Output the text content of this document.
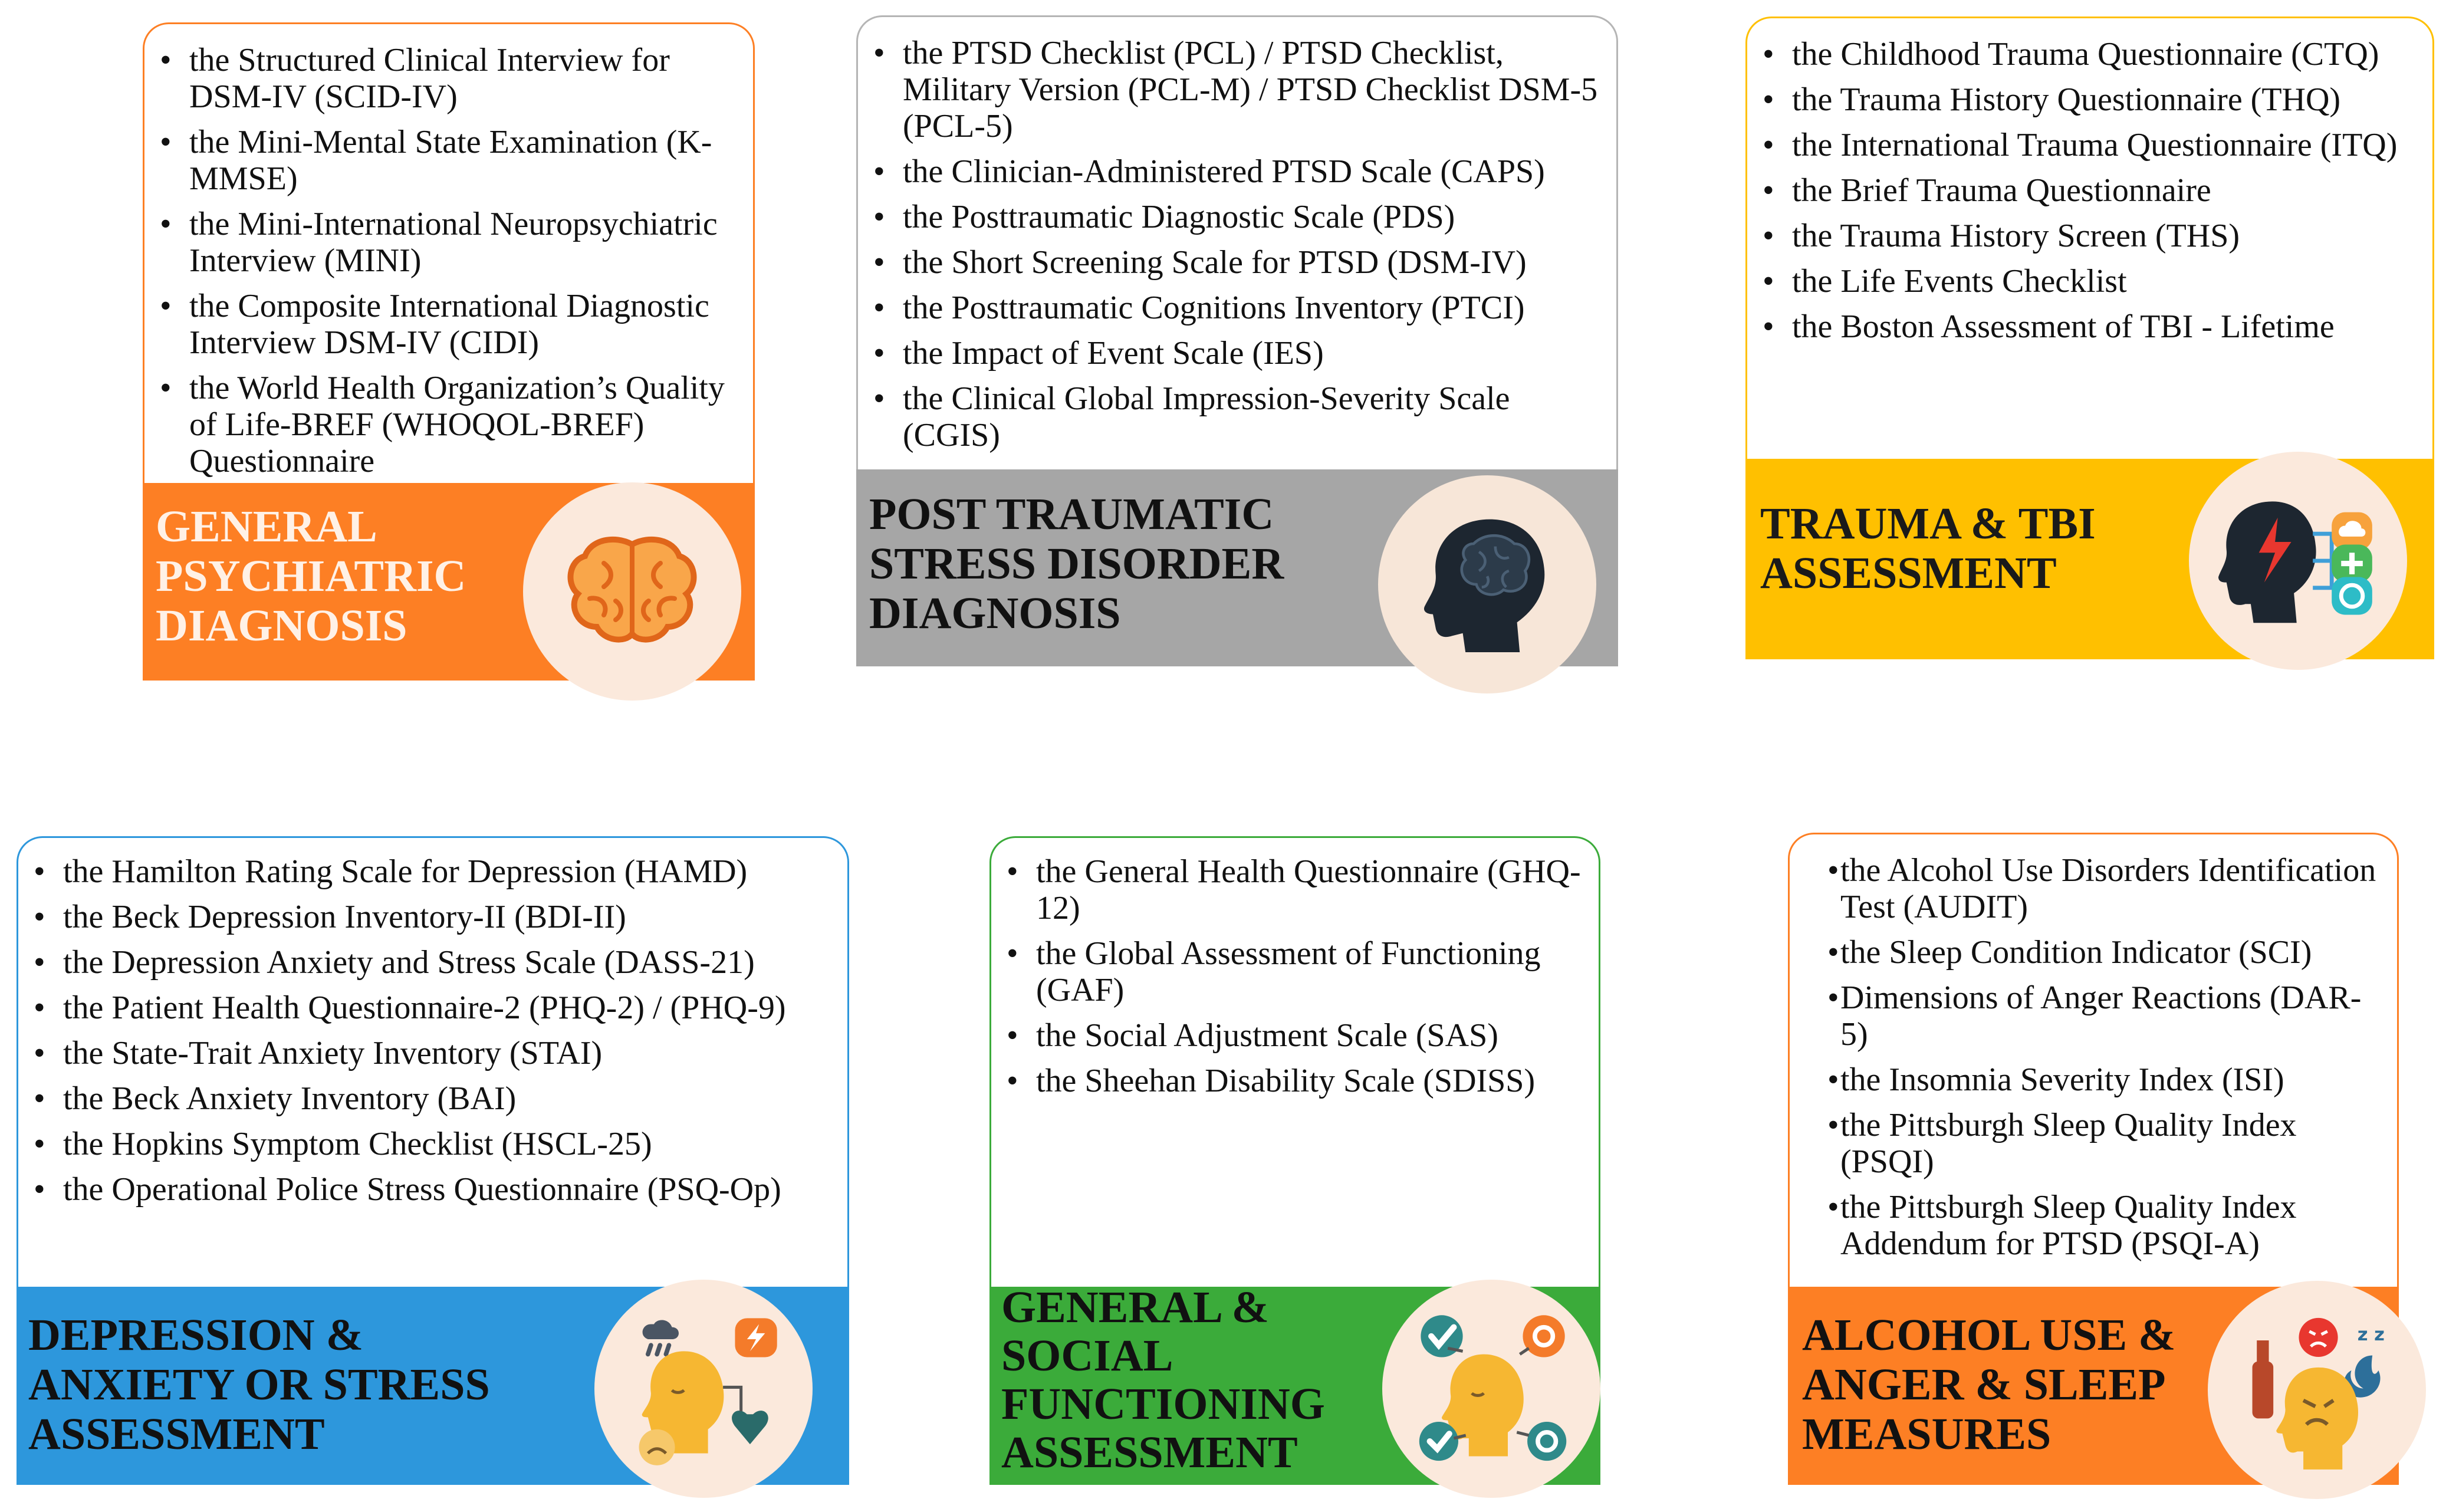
• the Structured Clinical Interview for DSM-IV (SCID-IV)
• the Mini-Mental State Examination (K-MMSE)
• the Mini-International Neuropsychiatric Interview (MINI)
• the Composite International Diagnostic Interview DSM-IV (CIDI)
• the World Health Organization’s Quality of Life-BREF (WHOQOL-BREF) Questionnaire
GENERAL
PSYCHIATRIC
DIAGNOSIS
• the PTSD Checklist (PCL) / PTSD Checklist, Military Version (PCL-M) / PTSD Checklist DSM-5 (PCL-5)
• the Clinician-Administered PTSD Scale (CAPS)
• the Posttraumatic Diagnostic Scale (PDS)
• the Short Screening Scale for PTSD (DSM-IV)
• the Posttraumatic Cognitions Inventory (PTCI)
• the Impact of Event Scale (IES)
• the Clinical Global Impression-Severity Scale (CGIS)
POST TRAUMATIC
STRESS DISORDER
DIAGNOSIS
• the Childhood Trauma Questionnaire (CTQ)
• the Trauma History Questionnaire (THQ)
• the International Trauma Questionnaire (ITQ)
• the Brief Trauma Questionnaire
• the Trauma History Screen (THS)
• the Life Events Checklist
• the Boston Assessment of TBI - Lifetime
TRAUMA & TBI
ASSESSMENT
• the Hamilton Rating Scale for Depression (HAMD)
• the Beck Depression Inventory-II (BDI-II)
• the Depression Anxiety and Stress Scale (DASS-21)
• the Patient Health Questionnaire-2 (PHQ-2) / (PHQ-9)
• the State-Trait Anxiety Inventory (STAI)
• the Beck Anxiety Inventory (BAI)
• the Hopkins Symptom Checklist (HSCL-25)
• the Operational Police Stress Questionnaire (PSQ-Op)
DEPRESSION &
ANXIETY OR STRESS
ASSESSMENT
• the General Health Questionnaire (GHQ-12)
• the Global Assessment of Functioning (GAF)
• the Social Adjustment Scale (SAS)
• the Sheehan Disability Scale (SDISS)
GENERAL &
SOCIAL
FUNCTIONING
ASSESSMENT
• the Alcohol Use Disorders Identification Test (AUDIT)
• the Sleep Condition Indicator (SCI)
• Dimensions of Anger Reactions (DAR-5)
• the Insomnia Severity Index (ISI)
• the Pittsburgh Sleep Quality Index (PSQI)
• the Pittsburgh Sleep Quality Index Addendum for PTSD (PSQI-A)
ALCOHOL USE &
ANGER & SLEEP
MEASURES
z z
